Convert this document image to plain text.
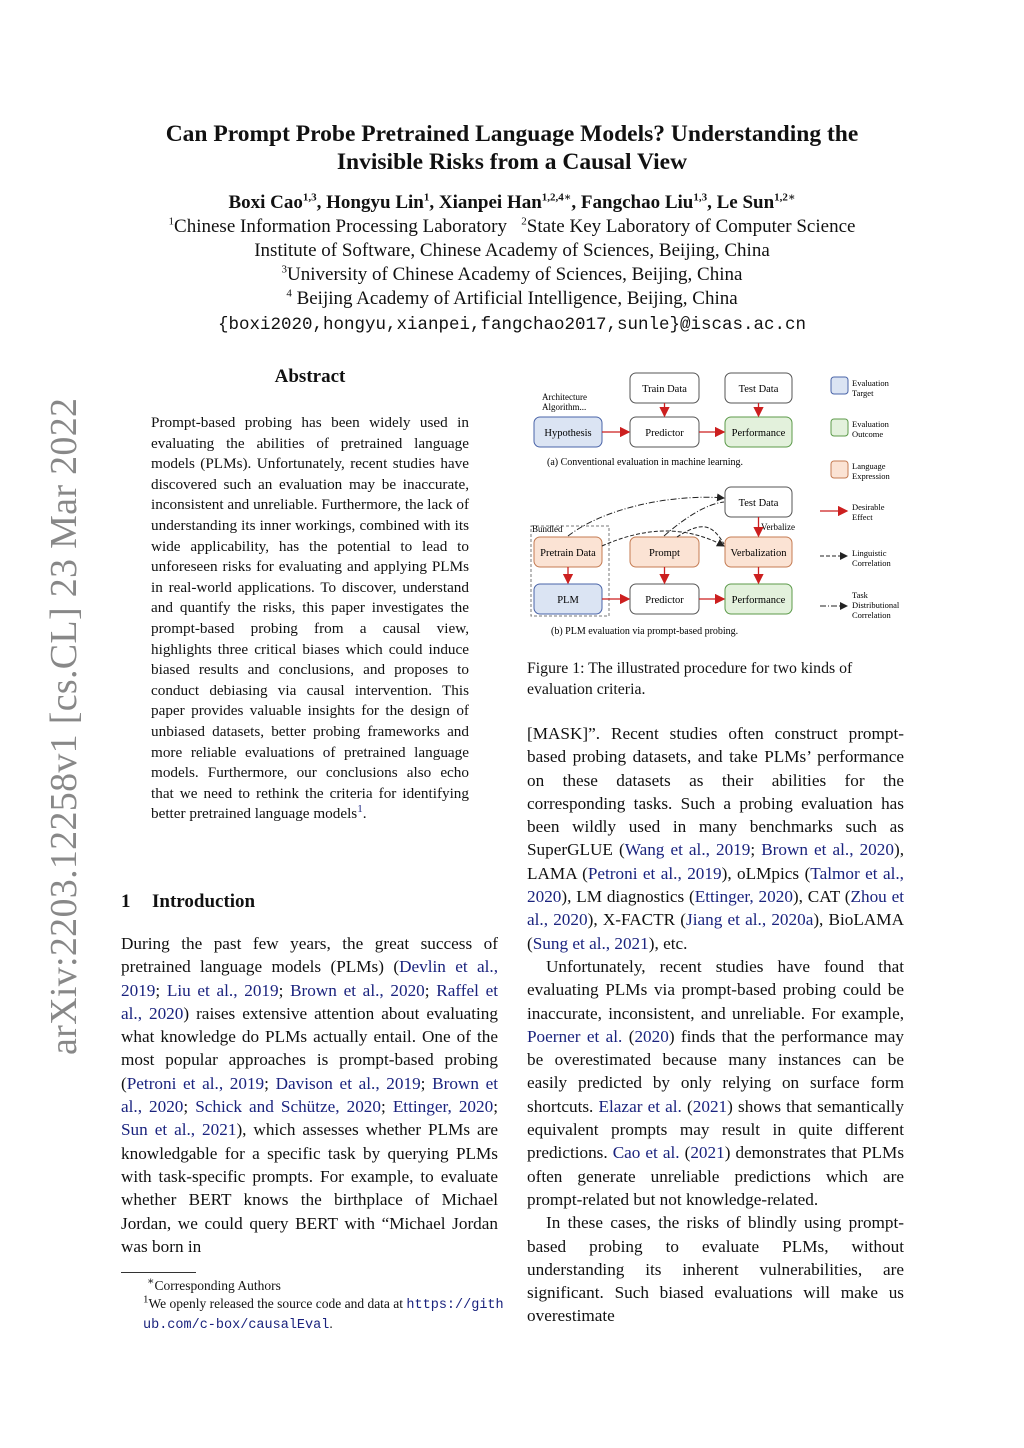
arXiv:2203.12258v1 [cs.CL] 23 Mar 2022
Can Prompt Probe Pretrained Language Models? Understanding the
Invisible Risks from a Causal View
Boxi Cao$^{1,3}$, Hongyu Lin$^1$, Xianpei Han$^{1,2,4∗}$, Fangchao Liu$^{1,3}$, Le Sun$^{1,2∗}$
$^1$Chinese Information Processing Laboratory $^2$State Key Laboratory of Computer Science
Institute of Software, Chinese Academy of Sciences, Beijing, China
$^3$University of Chinese Academy of Sciences, Beijing, China
$^4$ Beijing Academy of Artificial Intelligence, Beijing, China
{boxi2020,hongyu,xianpei,fangchao2017,sunle}@iscas.ac.cn
Abstract
Prompt-based probing has been widely used in evaluating the abilities of pretrained language models (PLMs). Unfortunately, recent studies have discovered such an evaluation may be inaccurate, inconsistent and unreliable. Furthermore, the lack of understanding its inner workings, combined with its wide applicability, has the potential to lead to unforeseen risks for evaluating and applying PLMs in real-world applications. To discover, understand and quantify the risks, this paper investigates the prompt-based probing from a causal view, highlights three critical biases which could induce biased results and conclusions, and proposes to conduct debiasing via causal intervention. This paper provides valuable insights for the design of unbiased datasets, better probing frameworks and more reliable evaluations of pretrained language models. Furthermore, our conclusions also echo that we need to rethink the criteria for identifying better pretrained language models$^1$.
1 Introduction
During the past few years, the great success of pretrained language models (PLMs) (Devlin et al., 2019; Liu et al., 2019; Brown et al., 2020; Raffel et al., 2020) raises extensive attention about evaluating what knowledge do PLMs actually entail. One of the most popular approaches is prompt-based probing (Petroni et al., 2019; Davison et al., 2019; Brown et al., 2020; Schick and Schütze, 2020; Ettinger, 2020; Sun et al., 2021), which assesses whether PLMs are knowledgable for a specific task by querying PLMs with task-specific prompts. For example, to evaluate whether BERT knows the birthplace of Michael Jordan, we could query BERT with “Michael Jordan was born in
∗Corresponding Authors
$^1$We openly released the source code and data at https://github.com/c-box/causalEval.
Architecture
Algorithm...
Train Data	Test Data
Hypothesis	Predictor	Performance
(a) Conventional evaluation in machine learning.
Test Data
Bundled	Verbalize
Pretrain Data	Prompt	Verbalization
PLM	Predictor	Performance
(b) PLM evaluation via prompt-based probing.
Evaluation
Target
Evaluation
Outcome
Language
Expression
Desirable
Effect
Linguistic
Correlation
Task
Distributional
Correlation
Figure 1: The illustrated procedure for two kinds of evaluation criteria.

[MASK]”. Recent studies often construct prompt-based probing datasets, and take PLMs’ performance on these datasets as their abilities for the corresponding tasks. Such a probing evaluation has been wildly used in many benchmarks such as SuperGLUE (Wang et al., 2019; Brown et al., 2020), LAMA (Petroni et al., 2019), oLMpics (Talmor et al., 2020), LM diagnostics (Ettinger, 2020), CAT (Zhou et al., 2020), X-FACTR (Jiang et al., 2020a), BioLAMA (Sung et al., 2021), etc.

Unfortunately, recent studies have found that evaluating PLMs via prompt-based probing could be inaccurate, inconsistent, and unreliable. For example, Poerner et al. (2020) finds that the performance may be overestimated because many instances can be easily predicted by only relying on surface form shortcuts. Elazar et al. (2021) shows that semantically equivalent prompts may result in quite different predictions. Cao et al. (2021) demonstrates that PLMs often generate unreliable predictions which are prompt-related but not knowledge-related.

In these cases, the risks of blindly using prompt-based probing to evaluate PLMs, without understanding its inherent vulnerabilities, are significant. Such biased evaluations will make us overestimate
